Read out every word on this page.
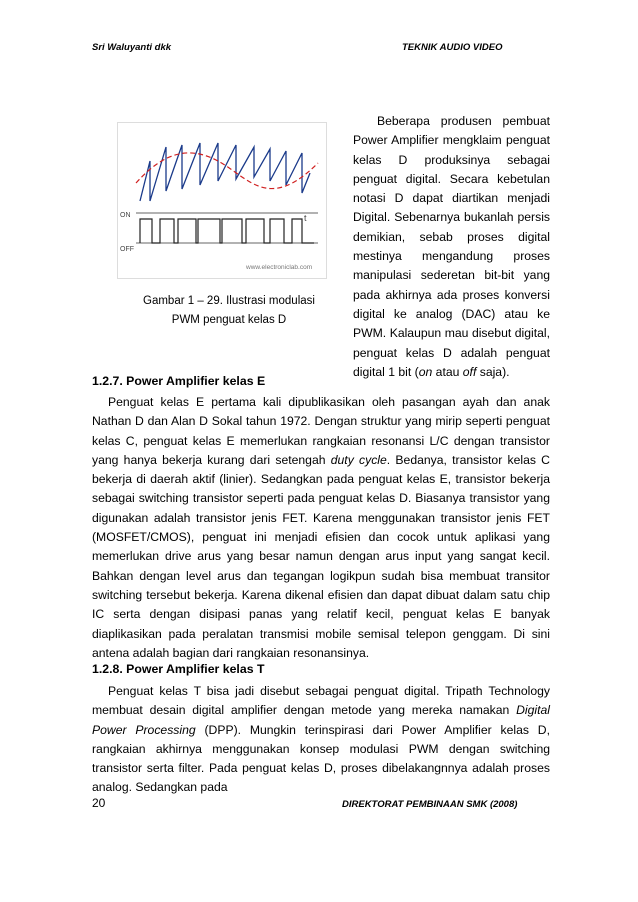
Sri Waluyanti dkk	TEKNIK AUDIO VIDEO
ON
OFF
t
www.electroniclab.com
Gambar 1 – 29. Ilustrasi modulasi
PWM penguat kelas D

Beberapa produsen pembuat Power Amplifier mengklaim penguat kelas D produksinya sebagai penguat digital. Secara kebetulan notasi D dapat diartikan menjadi Digital. Sebenarnya bukanlah persis demikian, sebab proses digital mestinya mengandung proses manipulasi sederetan bit-bit yang pada akhirnya ada proses konversi digital ke analog (DAC) atau ke PWM. Kalaupun mau disebut digital, penguat kelas D adalah penguat digital 1 bit (on atau off saja).

1.2.7. Power Amplifier kelas E

Penguat kelas E pertama kali dipublikasikan oleh pasangan ayah dan anak Nathan D dan Alan D Sokal tahun 1972. Dengan struktur yang mirip seperti penguat kelas C, penguat kelas E memerlukan rangkaian resonansi L/C dengan transistor yang hanya bekerja kurang dari setengah duty cycle. Bedanya, transistor kelas C bekerja di daerah aktif (linier). Sedangkan pada penguat kelas E, transistor bekerja sebagai switching transistor seperti pada penguat kelas D. Biasanya transistor yang digunakan adalah transistor jenis FET. Karena menggunakan transistor jenis FET (MOSFET/CMOS), penguat ini menjadi efisien dan cocok untuk aplikasi yang memerlukan drive arus yang besar namun dengan arus input yang sangat kecil. Bahkan dengan level arus dan tegangan logikpun sudah bisa membuat transitor switching tersebut bekerja. Karena dikenal efisien dan dapat dibuat dalam satu chip IC serta dengan disipasi panas yang relatif kecil, penguat kelas E banyak diaplikasikan pada peralatan transmisi mobile semisal telepon genggam. Di sini antena adalah bagian dari rangkaian resonansinya.

1.2.8. Power Amplifier kelas T

Penguat kelas T bisa jadi disebut sebagai penguat digital. Tripath Technology membuat desain digital amplifier dengan metode yang mereka namakan Digital Power Processing (DPP). Mungkin terinspirasi dari Power Amplifier kelas D, rangkaian akhirnya menggunakan konsep modulasi PWM dengan switching transistor serta filter. Pada penguat kelas D, proses dibelakangnnya adalah proses analog. Sedangkan pada

20	DIREKTORAT PEMBINAAN SMK (2008)
